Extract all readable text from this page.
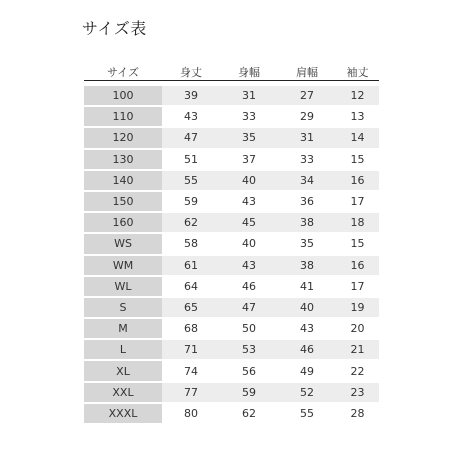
サイズ表
サイズ	身丈	身幅	肩幅	袖丈
100	39	31	27	12
110	43	33	29	13
120	47	35	31	14
130	51	37	33	15
140	55	40	34	16
150	59	43	36	17
160	62	45	38	18
WS	58	40	35	15
WM	61	43	38	16
WL	64	46	41	17
S	65	47	40	19
M	68	50	43	20
L	71	53	46	21
XL	74	56	49	22
XXL	77	59	52	23
XXXL	80	62	55	28
